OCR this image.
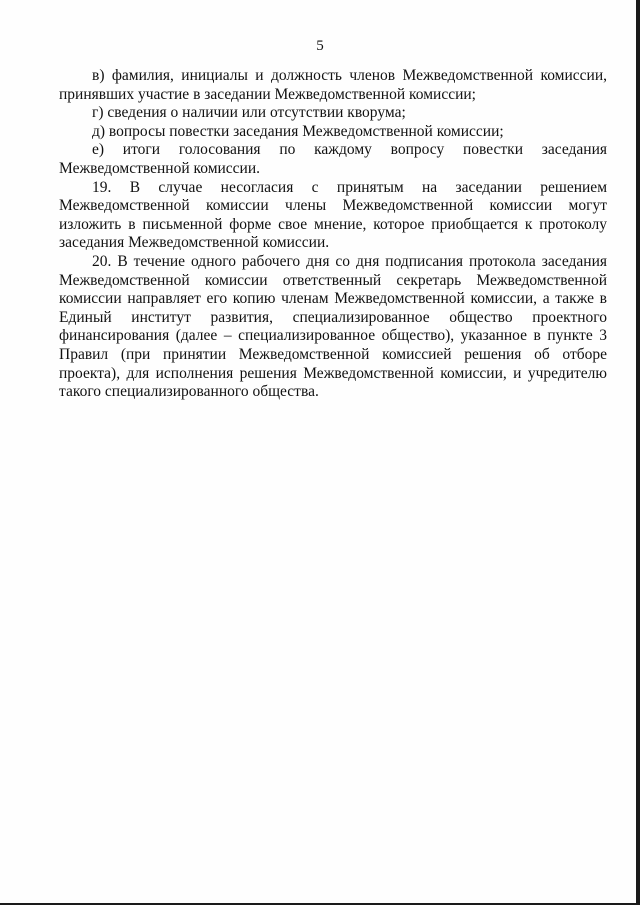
5

в) фамилия, инициалы и должность членов Межведомственной комиссии, принявших участие в заседании Межведомственной комиссии;

г) сведения о наличии или отсутствии кворума;

д) вопросы повестки заседания Межведомственной комиссии;

е) итоги голосования по каждому вопросу повестки заседания Межведомственной комиссии.

19. В случае несогласия с принятым на заседании решением Межведомственной комиссии члены Межведомственной комиссии могут изложить в письменной форме свое мнение, которое приобщается к протоколу заседания Межведомственной комиссии.

20. В течение одного рабочего дня со дня подписания протокола заседания Межведомственной комиссии ответственный секретарь Межведомственной комиссии направляет его копию членам Межведомственной комиссии, а также в Единый институт развития, специализированное общество проектного финансирования (далее – специализированное общество), указанное в пункте 3 Правил (при принятии Межведомственной комиссией решения об отборе проекта), для исполнения решения Межведомственной комиссии, и учредителю такого специализированного общества.
